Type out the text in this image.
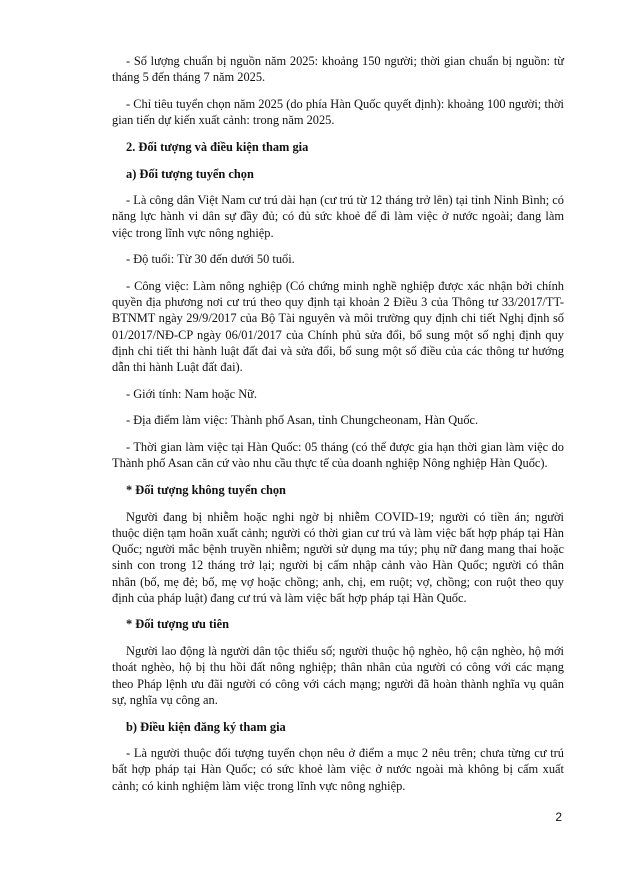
- Số lượng chuẩn bị nguồn năm 2025: khoảng 150 người; thời gian chuẩn bị nguồn: từ tháng 5 đến tháng 7 năm 2025.

- Chỉ tiêu tuyển chọn năm 2025 (do phía Hàn Quốc quyết định): khoảng 100 người; thời gian tiến dự kiến xuất cảnh: trong năm 2025.

2. Đối tượng và điều kiện tham gia

a) Đối tượng tuyển chọn

- Là công dân Việt Nam cư trú dài hạn (cư trú từ 12 tháng trở lên) tại tỉnh Ninh Bình; có năng lực hành vi dân sự đầy đủ; có đủ sức khoẻ để đi làm việc ở nước ngoài; đang làm việc trong lĩnh vực nông nghiệp.

- Độ tuổi: Từ 30 đến dưới 50 tuổi.

- Công việc: Làm nông nghiệp (Có chứng minh nghề nghiệp được xác nhận bởi chính quyền địa phương nơi cư trú theo quy định tại khoản 2 Điều 3 của Thông tư 33/2017/TT-BTNMT ngày 29/9/2017 của Bộ Tài nguyên và môi trường quy định chi tiết Nghị định số 01/2017/NĐ-CP ngày 06/01/2017 của Chính phủ sửa đổi, bổ sung một số nghị định quy định chi tiết thi hành luật đất đai và sửa đổi, bổ sung một số điều của các thông tư hướng dẫn thi hành Luật đất đai).

- Giới tính: Nam hoặc Nữ.

- Địa điểm làm việc: Thành phố Asan, tỉnh Chungcheonam, Hàn Quốc.

- Thời gian làm việc tại Hàn Quốc: 05 tháng (có thể được gia hạn thời gian làm việc do Thành phố Asan căn cứ vào nhu cầu thực tế của doanh nghiệp Nông nghiệp Hàn Quốc).

* Đối tượng không tuyển chọn

Người đang bị nhiễm hoặc nghi ngờ bị nhiễm COVID-19; người có tiền án; người thuộc diện tạm hoãn xuất cảnh; người có thời gian cư trú và làm việc bất hợp pháp tại Hàn Quốc; người mắc bệnh truyền nhiễm; người sử dụng ma túy; phụ nữ đang mang thai hoặc sinh con trong 12 tháng trở lại; người bị cấm nhập cảnh vào Hàn Quốc; người có thân nhân (bố, mẹ đẻ; bố, mẹ vợ hoặc chồng; anh, chị, em ruột; vợ, chồng; con ruột theo quy định của pháp luật) đang cư trú và làm việc bất hợp pháp tại Hàn Quốc.

* Đối tượng ưu tiên

Người lao động là người dân tộc thiểu số; người thuộc hộ nghèo, hộ cận nghèo, hộ mới thoát nghèo, hộ bị thu hồi đất nông nghiệp; thân nhân của người có công với các mạng theo Pháp lệnh ưu đãi người có công với cách mạng; người đã hoàn thành nghĩa vụ quân sự, nghĩa vụ công an.

b) Điều kiện đăng ký tham gia

- Là người thuộc đối tượng tuyển chọn nêu ở điểm a mục 2 nêu trên; chưa từng cư trú bất hợp pháp tại Hàn Quốc; có sức khoẻ làm việc ở nước ngoài mà không bị cấm xuất cảnh; có kinh nghiệm làm việc trong lĩnh vực nông nghiệp.

2
